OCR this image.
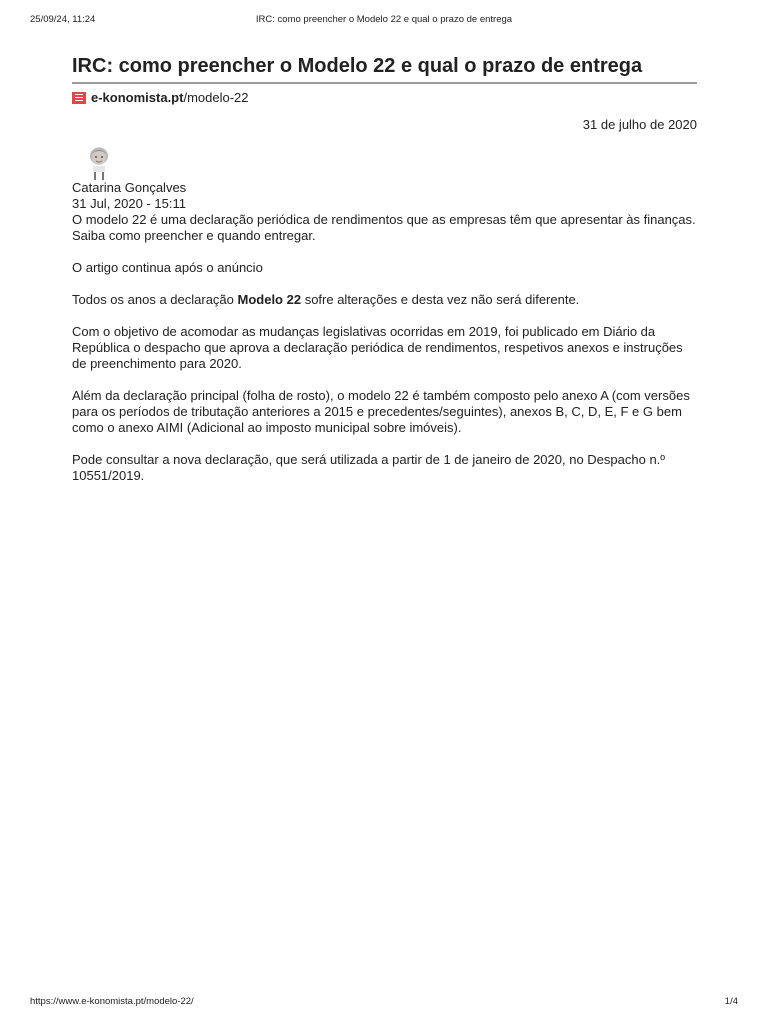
25/09/24, 11:24	IRC: como preencher o Modelo 22 e qual o prazo de entrega
IRC: como preencher o Modelo 22 e qual o prazo de entrega
e-konomista.pt /modelo-22
31 de julho de 2020
Catarina Gonçalves
31 Jul, 2020 - 15:11

O modelo 22 é uma declaração periódica de rendimentos que as empresas têm que apresentar às finanças. Saiba como preencher e quando entregar.

O artigo continua após o anúncio

Todos os anos a declaração Modelo 22 sofre alterações e desta vez não será diferente.

Com o objetivo de acomodar as mudanças legislativas ocorridas em 2019, foi publicado em Diário da República o despacho que aprova a declaração periódica de rendimentos, respetivos anexos e instruções de preenchimento para 2020.

Além da declaração principal (folha de rosto), o modelo 22 é também composto pelo anexo A (com versões para os períodos de tributação anteriores a 2015 e precedentes/seguintes), anexos B, C, D, E, F e G bem como o anexo AIMI (Adicional ao imposto municipal sobre imóveis).

Pode consultar a nova declaração, que será utilizada a partir de 1 de janeiro de 2020, no Despacho n.º 10551/2019.

https://www.e-konomista.pt/modelo-22/	1/4
